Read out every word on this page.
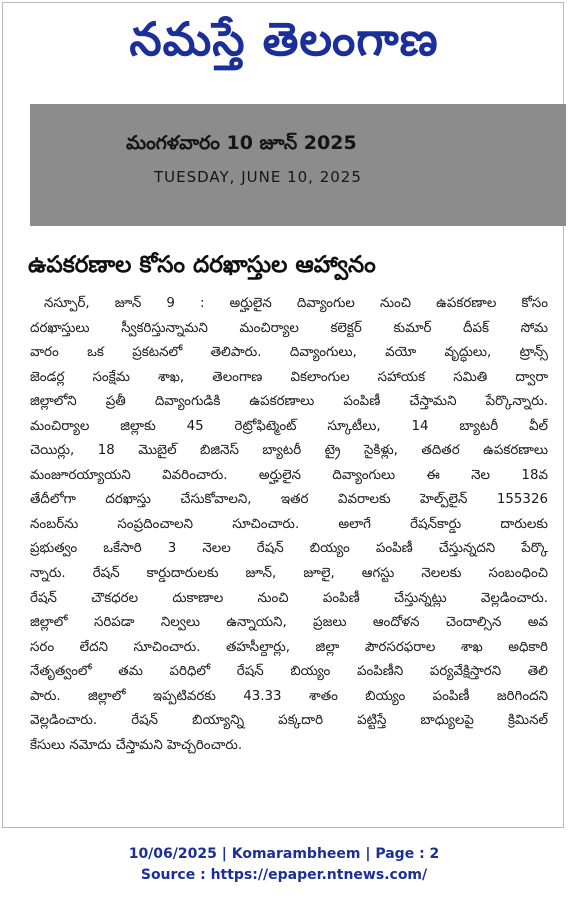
నమస్తే తెలంగాణ
మంగళవారం 10 జూన్ 2025
TUESDAY, JUNE 10, 2025
ఉపకరణాల కోసం దరఖాస్తుల ఆహ్వానం
నస్పూర్, జూన్ 9 : అర్హులైన దివ్యాంగుల నుంచి ఉపకరణాల కోసం
దరఖాస్తులు స్వీకరిస్తున్నామని మంచిర్యాల కలెక్టర్ కుమార్ దీపక్ సోమ
వారం ఒక ప్రకటనలో తెలిపారు. దివ్యాంగులు, వయో వృద్ధులు, ట్రాన్స్
జెండర్ల సంక్షేమ శాఖ, తెలంగాణ వికలాంగుల సహాయక సమితి ద్వారా
జిల్లాలోని ప్రతీ దివ్యాంగుడికి ఉపకరణాలు పంపిణీ చేస్తామని పేర్కొన్నారు.
మంచిర్యాల జిల్లాకు 45 రెట్రోఫిట్మెంట్ స్కూటీలు, 14 బ్యాటరీ వీల్
చెయిర్లు, 18 మొబైల్ బిజినెస్ బ్యాటరీ ట్రై సైకిళ్లు, తదితర ఉపకరణాలు
మంజూరయ్యాయని వివరించారు. అర్హులైన దివ్యాంగులు ఈ నెల 18వ
తేదీలోగా దరఖాస్తు చేసుకోవాలని, ఇతర వివరాలకు హెల్ప్‌లైన్ 155326
నంబర్‌ను సంప్రదించాలని సూచించారు. అలాగే రేషన్‌కార్డు దారులకు
ప్రభుత్వం ఒకేసారి 3 నెలల రేషన్ బియ్యం పంపిణీ చేస్తున్నదని పేర్కొ
న్నారు. రేషన్ కార్డుదారులకు జూన్, జూలై, ఆగస్టు నెలలకు సంబంధించి
రేషన్ చౌకధరల దుకాణాల నుంచి పంపిణీ చేస్తున్నట్లు వెల్లడించారు.
జిల్లాలో సరిపడా నిల్వలు ఉన్నాయని, ప్రజలు ఆందోళన చెందాల్సిన అవ
సరం లేదని సూచించారు. తహసీల్దార్లు, జిల్లా పౌరసరఫరాల శాఖ అధికారి
నేతృత్వంలో తమ పరిధిలో రేషన్ బియ్యం పంపిణీని పర్యవేక్షిస్తారని తెలి
పారు. జిల్లాలో ఇప్పటివరకు 43.33 శాతం బియ్యం పంపిణీ జరిగిందని
వెల్లడించారు. రేషన్ బియ్యాన్ని పక్కదారి పట్టిస్తే బాధ్యులపై క్రిమినల్
కేసులు నమోదు చేస్తామని హెచ్చరించారు.
10/06/2025 | Komarambheem | Page : 2
Source : https://epaper.ntnews.com/
